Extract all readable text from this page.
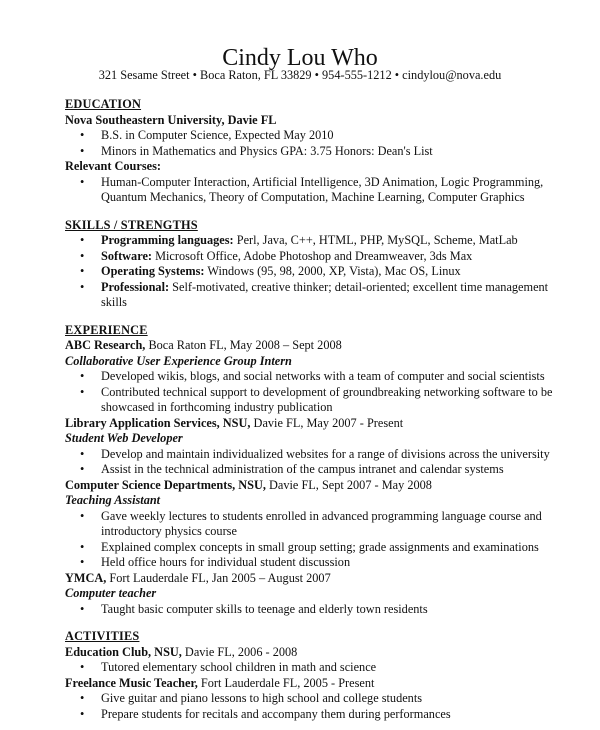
Cindy Lou Who
321 Sesame Street • Boca Raton, FL 33829 • 954-555-1212 • cindylou@nova.edu
EDUCATION
Nova Southeastern University, Davie FL
• B.S. in Computer Science, Expected May 2010
• Minors in Mathematics and Physics GPA: 3.75 Honors: Dean's List
Relevant Courses:
• Human-Computer Interaction, Artificial Intelligence, 3D Animation, Logic Programming, Quantum Mechanics, Theory of Computation, Machine Learning, Computer Graphics
SKILLS / STRENGTHS
• Programming languages: Perl, Java, C++, HTML, PHP, MySQL, Scheme, MatLab
• Software: Microsoft Office, Adobe Photoshop and Dreamweaver, 3ds Max
• Operating Systems: Windows (95, 98, 2000, XP, Vista), Mac OS, Linux
• Professional: Self-motivated, creative thinker; detail-oriented; excellent time management skills
EXPERIENCE
ABC Research, Boca Raton FL, May 2008 – Sept 2008
Collaborative User Experience Group Intern
• Developed wikis, blogs, and social networks with a team of computer and social scientists
• Contributed technical support to development of groundbreaking networking software to be showcased in forthcoming industry publication
Library Application Services, NSU, Davie FL, May 2007 - Present
Student Web Developer
• Develop and maintain individualized websites for a range of divisions across the university
• Assist in the technical administration of the campus intranet and calendar systems
Computer Science Departments, NSU, Davie FL, Sept 2007 - May 2008
Teaching Assistant
• Gave weekly lectures to students enrolled in advanced programming language course and introductory physics course
• Explained complex concepts in small group setting; grade assignments and examinations
• Held office hours for individual student discussion
YMCA, Fort Lauderdale FL, Jan 2005 – August 2007
Computer teacher
• Taught basic computer skills to teenage and elderly town residents
ACTIVITIES
Education Club, NSU, Davie FL, 2006 - 2008
• Tutored elementary school children in math and science
Freelance Music Teacher, Fort Lauderdale FL, 2005 - Present
• Give guitar and piano lessons to high school and college students
• Prepare students for recitals and accompany them during performances
